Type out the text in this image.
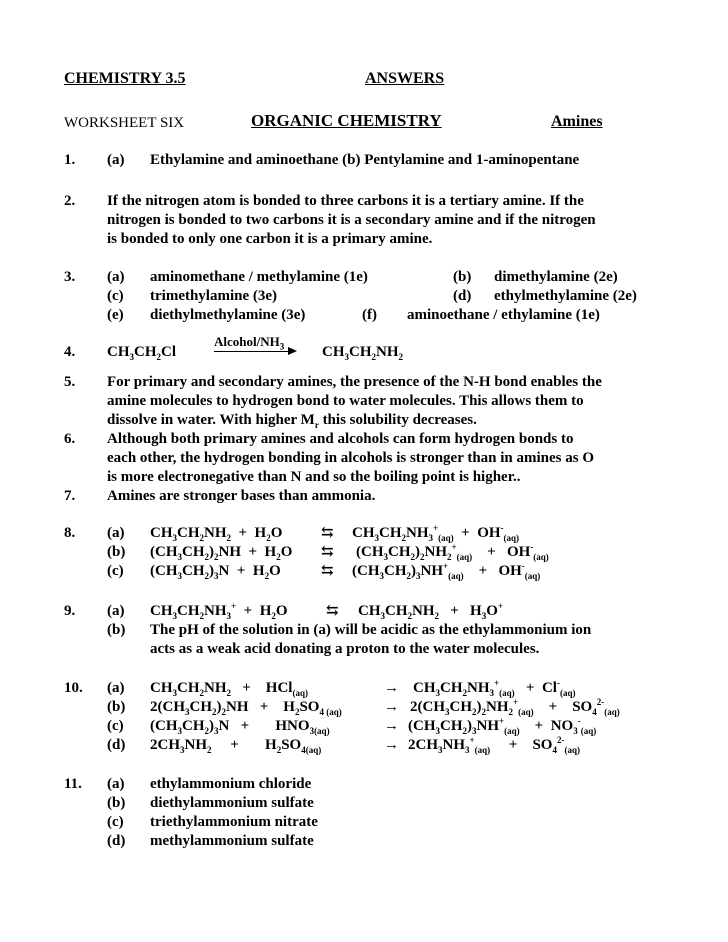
CHEMISTRY 3.5	ANSWERS
WORKSHEET SIX	ORGANIC CHEMISTRY	Amines
1. (a) Ethylamine and aminoethane (b) Pentylamine and 1-aminopentane
2. If the nitrogen atom is bonded to three carbons it is a tertiary amine. If the
nitrogen is bonded to two carbons it is a secondary amine and if the nitrogen
is bonded to only one carbon it is a primary amine.
3. (a) aminomethane / methylamine (1e)	(b) dimethylamine (2e)
(c) trimethylamine (3e)	(d) ethylmethylamine (2e)
(e) diethylmethylamine (3e)	(f) aminoethane / ethylamine (1e)
4. $CH_3CH_2Cl$
Alcohol/$NH_3$	$CH_3CH_2NH_2$
5. For primary and secondary amines, the presence of the N-H bond enables the
amine molecules to hydrogen bond to water molecules. This allows them to
dissolve in water. With higher $M_r$ this solubility decreases.
6. Although both primary amines and alcohols can form hydrogen bonds to
each other, the hydrogen bonding in alcohols is stronger than in amines as O
is more electronegative than N and so the boiling point is higher..
7. Amines are stronger bases than ammonia.
8. (a) $CH_3CH_2NH_2 + H_2O$	⇆ $CH_3CH_2NH_3^+_{(aq)} + OH^-_{(aq)}$
(b) $(CH_3CH_2)_2NH + H_2O$ ⇆ $(CH_3CH_2)_2NH_2^+_{(aq)}$    +   $OH^-_{(aq)}$
(c) $(CH_3CH_2)_3N + H_2O$	⇆ $(CH_3CH_2)_3NH^+_{(aq)}$    +   $OH^-_{(aq)}$
9. (a) $CH_3CH_2NH_3^+ + H_2O$	⇆ $CH_3CH_2NH_2 + H_3O^+$
(b) The pH of the solution in (a) will be acidic as the ethylammonium ion
acts as a weak acid donating a proton to the water molecules.
10. (a) $CH_3CH_2NH_2$   +    HCl$_{(aq)}$	→ $CH_3CH_2NH_3^+_{(aq)} + Cl^-_{(aq)}$
(b) $2(CH_3CH_2)_2NH$   +    $H_2SO_{4 (aq)}$	→ $2(CH_3CH_2)_2NH_2^+_{(aq)}$    +    $SO_4^{2-}_{(aq)}$
(c) $(CH_3CH_2)_3N$   +       $HNO_{3(aq)}$	→ $(CH_3CH_2)_3NH^+_{(aq)}$    +  $NO_3^-_{(aq)}$
(d) $2CH_3NH_2$     +       $H_2SO_{4(aq)}$	→ $2CH_3NH_3^+_{(aq)}$     +    $SO_4^{2-}_{(aq)}$
11. (a) ethylammonium chloride
(b) diethylammonium sulfate
(c) triethylammonium nitrate
(d) methylammonium sulfate
